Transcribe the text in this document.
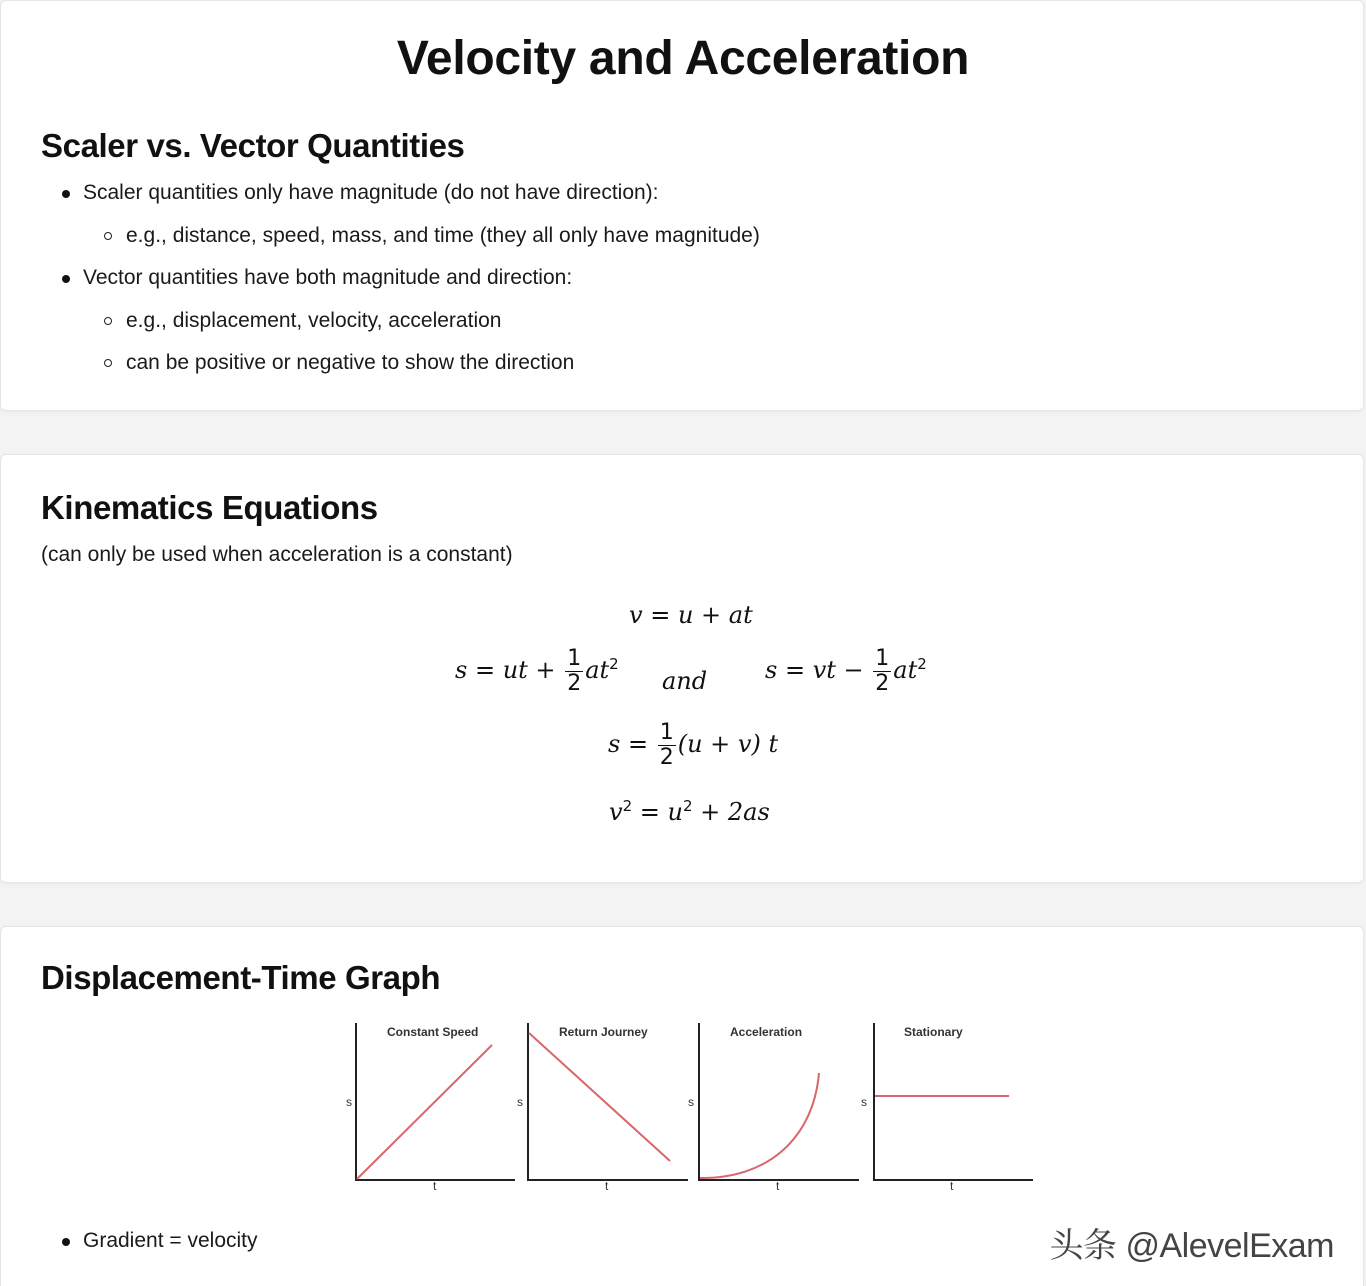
Velocity and Acceleration
Scaler vs. Vector Quantities
Scaler quantities only have magnitude (do not have direction):
e.g., distance, speed, mass, and time (they all only have magnitude)
Vector quantities have both magnitude and direction:
e.g., displacement, velocity, acceleration
can be positive or negative to show the direction
Kinematics Equations
(can only be used when acceleration is a constant)
v = u + at
s = ut + $\frac{1}{2} at^2$
and s = vt − $\frac{1}{2} at^2$
$s = \frac{1}{2} (u + v)$ t
$v^2 = u^2 + 2as$
Displacement-Time Graph
Constant Speed
s
t
Return Journey
s
t
Acceleration
s
t
Stationary
s
t
Gradient = velocity	头条 @AlevelExam
